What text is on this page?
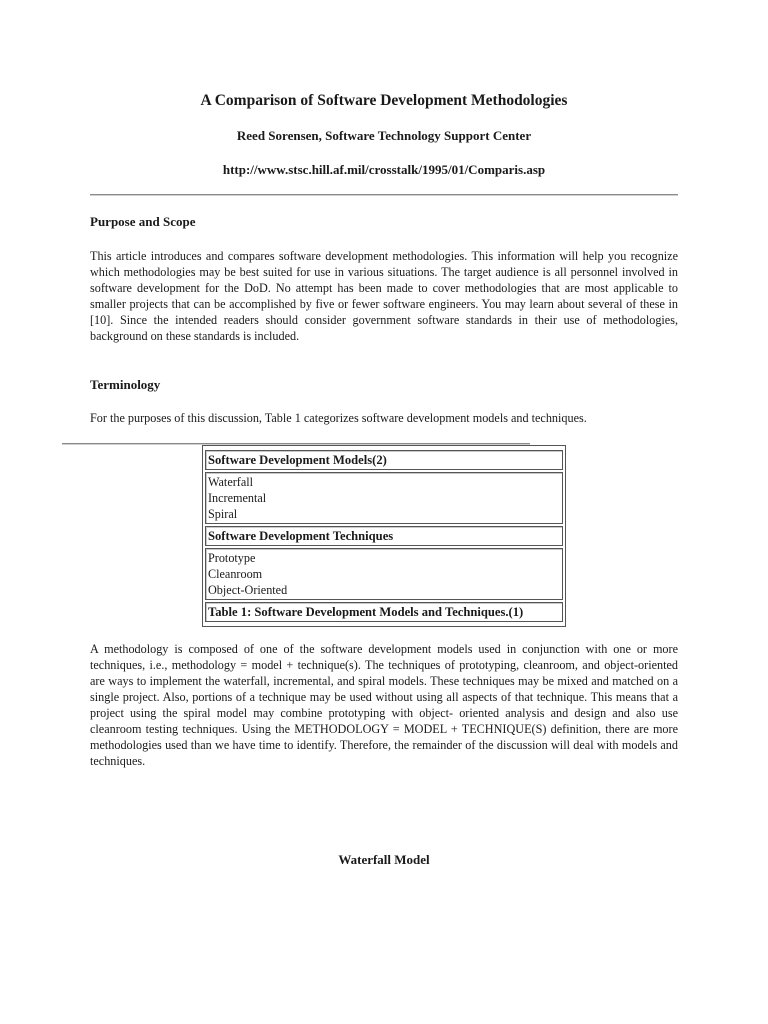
A Comparison of Software Development Methodologies
Reed Sorensen, Software Technology Support Center
http://www.stsc.hill.af.mil/crosstalk/1995/01/Comparis.asp
Purpose and Scope
This article introduces and compares software development methodologies. This information will help you recognize which methodologies may be best suited for use in various situations. The target audience is all personnel involved in software development for the DoD. No attempt has been made to cover methodologies that are most applicable to smaller projects that can be accomplished by five or fewer software engineers. You may learn about several of these in [10]. Since the intended readers should consider government software standards in their use of methodologies, background on these standards is included.
Terminology
For the purposes of this discussion, Table 1 categorizes software development models and techniques.
Software Development Models(2)
Waterfall
Incremental
Spiral
Software Development Techniques
Prototype
Cleanroom
Object-Oriented
Table 1: Software Development Models and Techniques.(1)
A methodology is composed of one of the software development models used in conjunction with one or more techniques, i.e., methodology = model + technique(s). The techniques of prototyping, cleanroom, and object-oriented are ways to implement the waterfall, incremental, and spiral models. These techniques may be mixed and matched on a single project. Also, portions of a technique may be used without using all aspects of that technique. This means that a project using the spiral model may combine prototyping with object- oriented analysis and design and also use cleanroom testing techniques. Using the METHODOLOGY = MODEL + TECHNIQUE(S) definition, there are more methodologies used than we have time to identify. Therefore, the remainder of the discussion will deal with models and techniques.
Waterfall Model
